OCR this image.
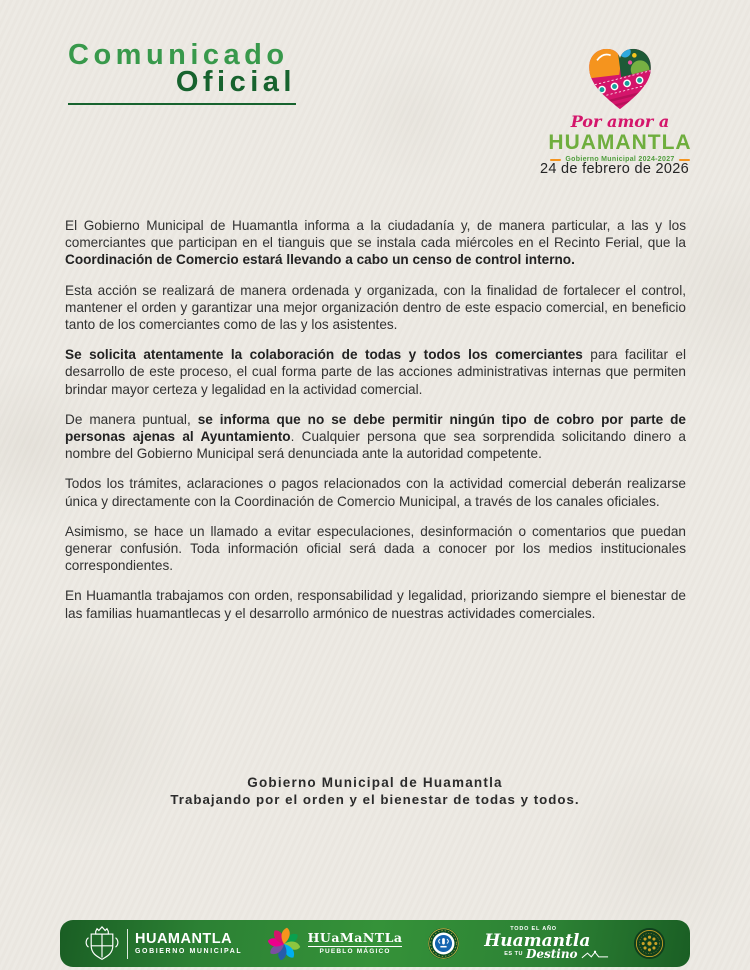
Comunicado
Oficial
Por amor a
HUAMANTLA
Gobierno Municipal 2024-2027
24 de febrero de 2026

El Gobierno Municipal de Huamantla informa a la ciudadanía y, de manera particular, a las y los comerciantes que participan en el tianguis que se instala cada miércoles en el Recinto Ferial, que la Coordinación de Comercio estará llevando a cabo un censo de control interno.

Esta acción se realizará de manera ordenada y organizada, con la finalidad de fortalecer el control, mantener el orden y garantizar una mejor organización dentro de este espacio comercial, en beneficio tanto de los comerciantes como de las y los asistentes.

Se solicita atentamente la colaboración de todas y todos los comerciantes para facilitar el desarrollo de este proceso, el cual forma parte de las acciones administrativas internas que permiten brindar mayor certeza y legalidad en la actividad comercial.

De manera puntual, se informa que no se debe permitir ningún tipo de cobro por parte de personas ajenas al Ayuntamiento. Cualquier persona que sea sorprendida solicitando dinero a nombre del Gobierno Municipal será denunciada ante la autoridad competente.

Todos los trámites, aclaraciones o pagos relacionados con la actividad comercial deberán realizarse única y directamente con la Coordinación de Comercio Municipal, a través de los canales oficiales.

Asimismo, se hace un llamado a evitar especulaciones, desinformación o comentarios que puedan generar confusión. Toda información oficial será dada a conocer por los medios institucionales correspondientes.

En Huamantla trabajamos con orden, responsabilidad y legalidad, priorizando siempre el bienestar de las familias huamantlecas y el desarrollo armónico de nuestras actividades comerciales.

Gobierno Municipal de Huamantla
Trabajando por el orden y el bienestar de todas y todos.
HUAMANTLA
GOBIERNO MUNICIPAL
HUaMaNTLa
PUEBLO MÁGICO
TODO EL AÑO
Huamantla
ES TU Destino
